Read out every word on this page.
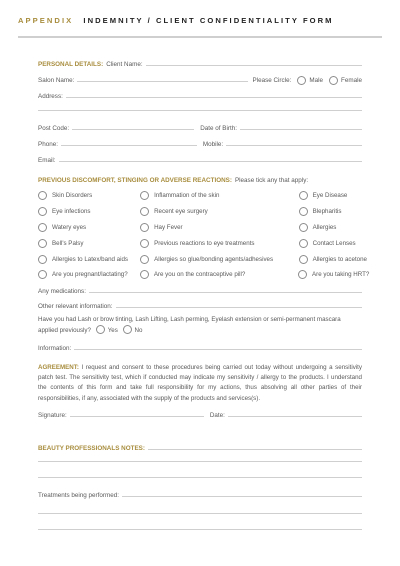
APPENDIX INDEMNITY / CLIENT CONFIDENTIALITY FORM
PERSONAL DETAILS: Client Name:
Salon Name:	Please Circle:	Male	Female
Address:
Post Code:	Date of Birth:
Phone:	Mobile:
Email:
PREVIOUS DISCOMFORT, STINGING OR ADVERSE REACTIONS: Please tick any that apply:
Skin Disorders	Inflammation of the skin	Eye Disease
Eye infections	Recent eye surgery	Blepharitis
Watery eyes	Hay Fever	Allergies
Bell's Palsy	Previous reactions to eye treatments	Contact Lenses
Allergies to Latex/band aids	Allergies so glue/bonding agents/adhesives	Allergies to acetone
Are you pregnant/lactating?	Are you on the contraceptive pill?	Are you taking HRT?
Any medications:
Other relevant information:
Have you had Lash or brow tinting, Lash Lifting, Lash perming, Eyelash extension or semi-permanent mascara applied previously?	Yes	No
Information:
AGREEMENT: I request and consent to these procedures being carried out today without undergoing a sensitivity patch test. The sensitivity test, which if conducted may indicate my sensitivity / allergy to the products. I understand the contents of this form and take full responsibility for my actions, thus absolving all other parties of their responsibilities, if any, associated with the supply of the products and services(s).
Signature:	Date:
BEAUTY PROFESSIONALS NOTES:
Treatments being performed:
